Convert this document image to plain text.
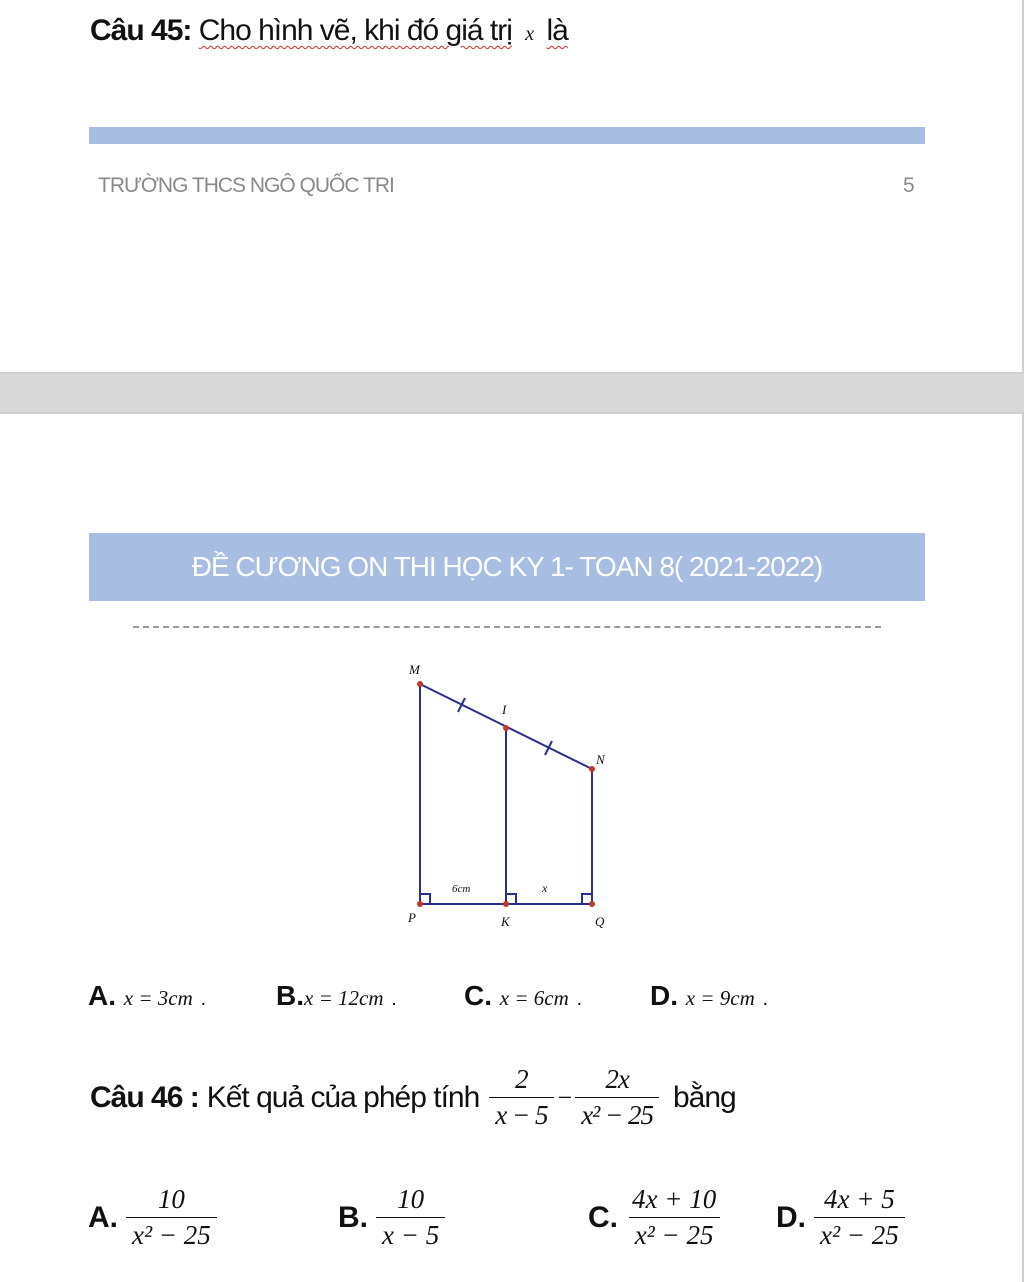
Câu 45: Cho hình vẽ, khi đó giá trị x là
TRƯỜNG THCS NGÔ QUỐC TRI	5
ĐỀ CƯƠNG ON THI HỌC KY 1- TOAN 8( 2021-2022)
M
I
N
P	K	Q
6cm	x
A. x = 3cm . B.x = 12cm . C. x = 6cm . D. x = 9cm .
Câu 46 : Kết quả của phép tính $\frac{2}{x - 5} - \frac{2x}{\text{x² − 25}}$ bằng
A. $\frac{10}{\text{x² − 25}}$	B. $\frac{10}{x - 5}$	C. $\frac{4x + 10}{\text{x² − 25}} D$. $\frac{4x + 5}{\text{x² − 25}}$
